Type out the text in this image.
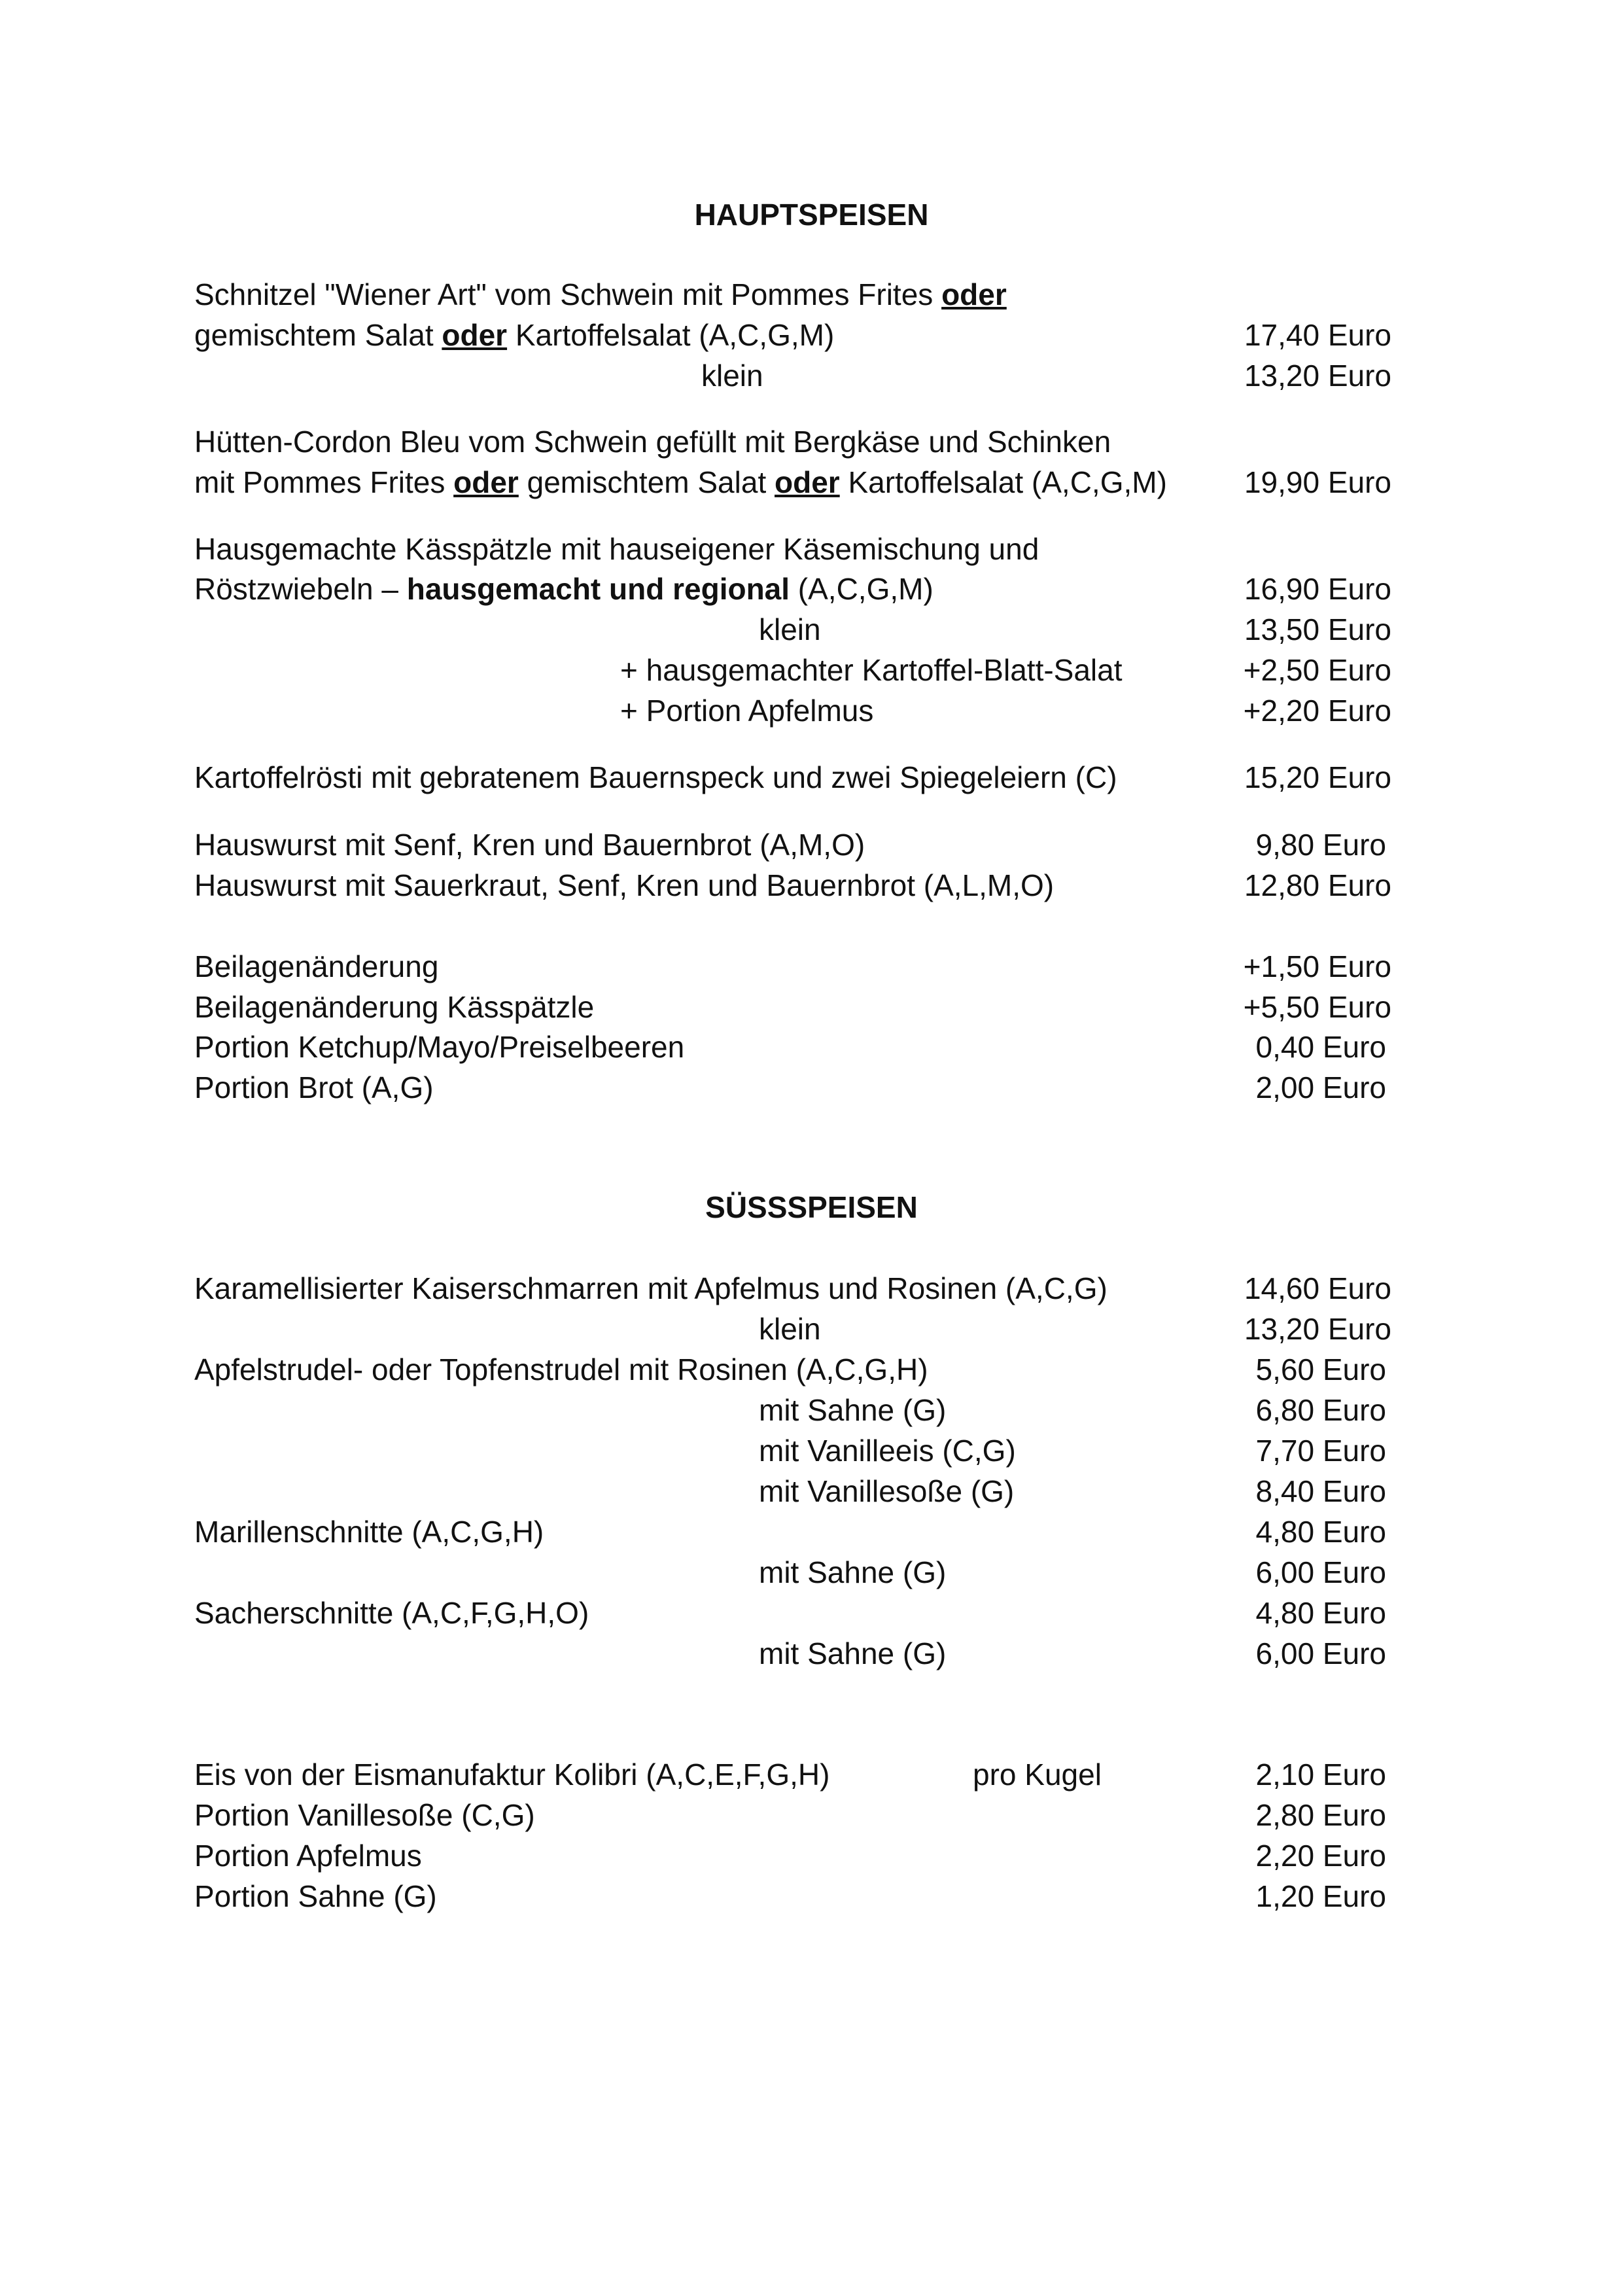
HAUPTSPEISEN
Schnitzel "Wiener Art" vom Schwein mit Pommes Frites oder
gemischtem Salat oder Kartoffelsalat (A,C,G,M)	17,40 Euro
klein	13,20 Euro
Hütten-Cordon Bleu vom Schwein gefüllt mit Bergkäse und Schinken
mit Pommes Frites oder gemischtem Salat oder Kartoffelsalat (A,C,G,M)	19,90 Euro
Hausgemachte Kässpätzle mit hauseigener Käsemischung und
Röstzwiebeln – hausgemacht und regional (A,C,G,M)	16,90 Euro
klein	13,50 Euro
+ hausgemachter Kartoffel-Blatt-Salat	+2,50 Euro
+ Portion Apfelmus	+2,20 Euro
Kartoffelrösti mit gebratenem Bauernspeck und zwei Spiegeleiern (C)	15,20 Euro
Hauswurst mit Senf, Kren und Bauernbrot (A,M,O)	9,80 Euro
Hauswurst mit Sauerkraut, Senf, Kren und Bauernbrot (A,L,M,O)	12,80 Euro
Beilagenänderung	+1,50 Euro
Beilagenänderung Kässpätzle	+5,50 Euro
Portion Ketchup/Mayo/Preiselbeeren	0,40 Euro
Portion Brot (A,G)	2,00 Euro
SÜSSSPEISEN
Karamellisierter Kaiserschmarren mit Apfelmus und Rosinen (A,C,G)	14,60 Euro
klein	13,20 Euro
Apfelstrudel- oder Topfenstrudel mit Rosinen (A,C,G,H)	5,60 Euro
mit Sahne (G)	6,80 Euro
mit Vanilleeis (C,G)	7,70 Euro
mit Vanillesoße (G)	8,40 Euro
Marillenschnitte (A,C,G,H)	4,80 Euro
mit Sahne (G)	6,00 Euro
Sacherschnitte (A,C,F,G,H,O)	4,80 Euro
mit Sahne (G)	6,00 Euro
Eis von der Eismanufaktur Kolibri (A,C,E,F,G,H)	pro Kugel	2,10 Euro
Portion Vanillesoße (C,G)	2,80 Euro
Portion Apfelmus	2,20 Euro
Portion Sahne (G)	1,20 Euro
